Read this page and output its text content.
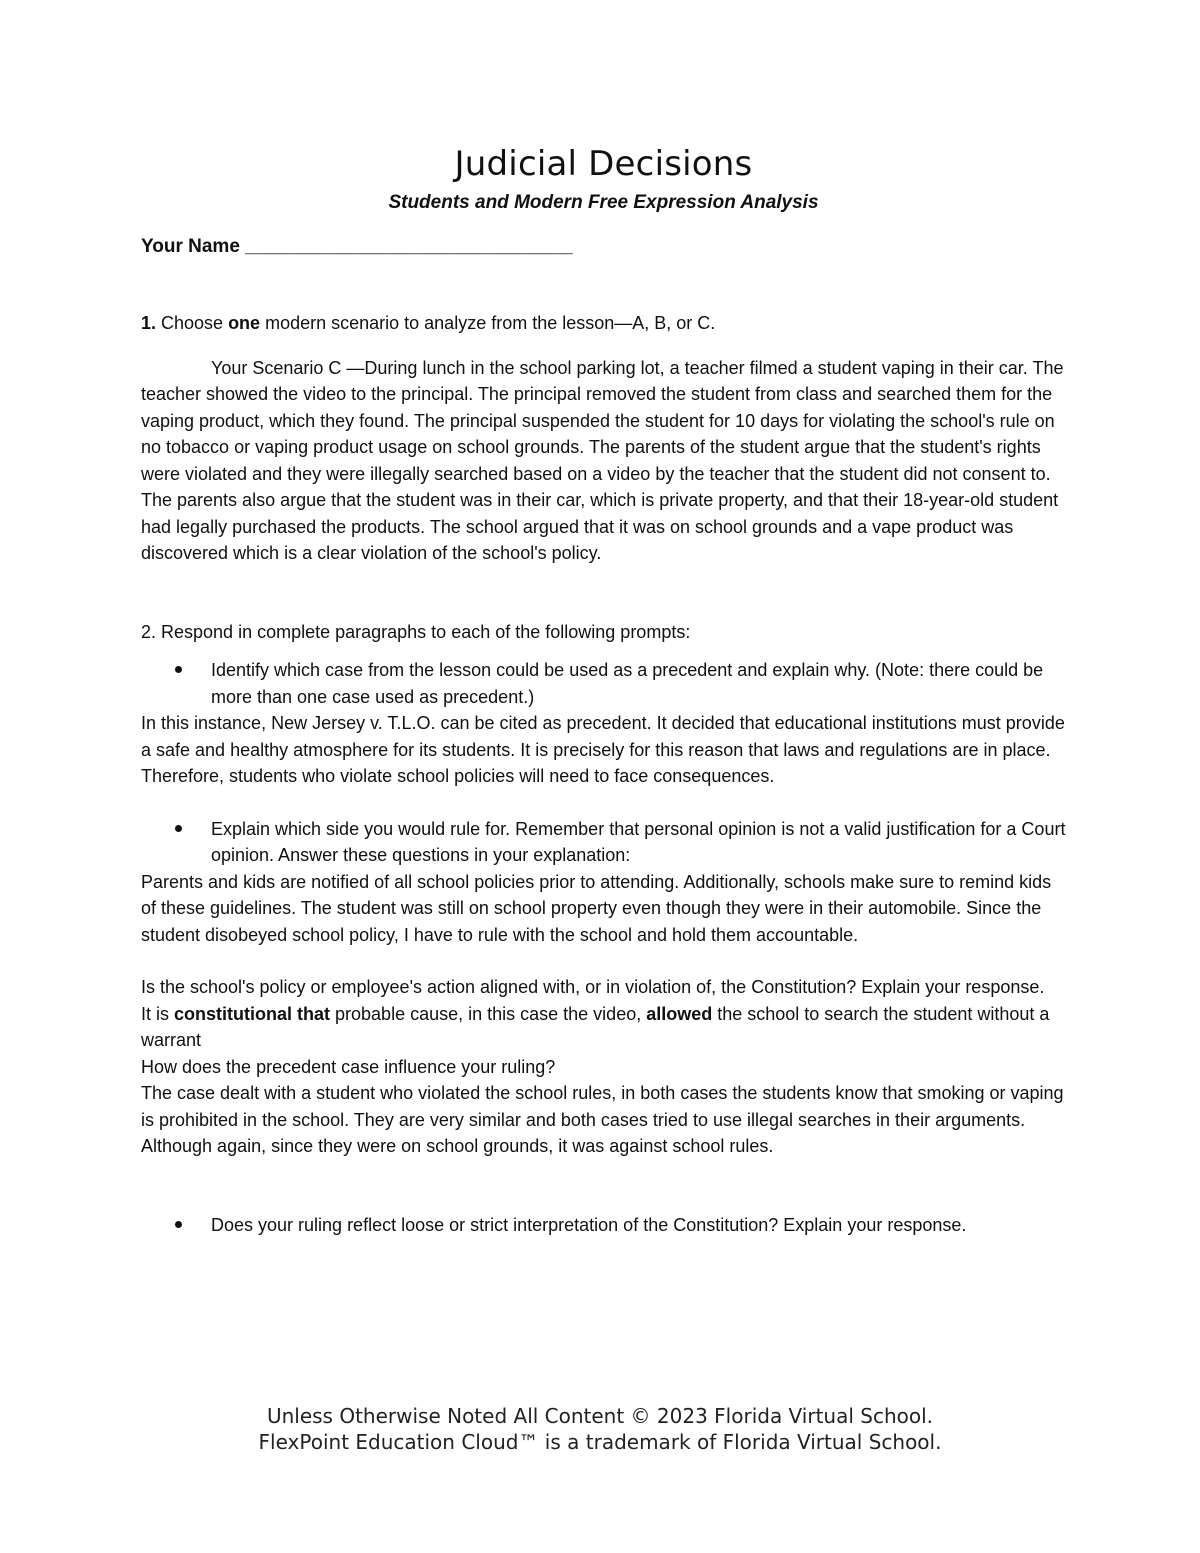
Judicial Decisions

Students and Modern Free Expression Analysis

Your Name _______________________________

1. Choose one modern scenario to analyze from the lesson—A, B, or C.

Your Scenario C —During lunch in the school parking lot, a teacher filmed a student vaping in their car. The teacher showed the video to the principal. The principal removed the student from class and searched them for the vaping product, which they found. The principal suspended the student for 10 days for violating the school's rule on no tobacco or vaping product usage on school grounds. The parents of the student argue that the student's rights were violated and they were illegally searched based on a video by the teacher that the student did not consent to. The parents also argue that the student was in their car, which is private property, and that their 18-year-old student had legally purchased the products. The school argued that it was on school grounds and a vape product was discovered which is a clear violation of the school's policy.

2. Respond in complete paragraphs to each of the following prompts:

Identify which case from the lesson could be used as a precedent and explain why. (Note: there could be more than one case used as precedent.)

In this instance, New Jersey v. T.L.O. can be cited as precedent. It decided that educational institutions must provide a safe and healthy atmosphere for its students. It is precisely for this reason that laws and regulations are in place. Therefore, students who violate school policies will need to face consequences.

Explain which side you would rule for. Remember that personal opinion is not a valid justification for a Court opinion. Answer these questions in your explanation:

Parents and kids are notified of all school policies prior to attending. Additionally, schools make sure to remind kids of these guidelines. The student was still on school property even though they were in their automobile. Since the student disobeyed school policy, I have to rule with the school and hold them accountable.

Is the school's policy or employee's action aligned with, or in violation of, the Constitution? Explain your response.

It is constitutional that probable cause, in this case the video, allowed the school to search the student without a warrant

How does the precedent case influence your ruling?

The case dealt with a student who violated the school rules, in both cases the students know that smoking or vaping is prohibited in the school. They are very similar and both cases tried to use illegal searches in their arguments. Although again, since they were on school grounds, it was against school rules.

Does your ruling reflect loose or strict interpretation of the Constitution? Explain your response.
Unless Otherwise Noted All Content © 2023 Florida Virtual School.
FlexPoint Education Cloud™ is a trademark of Florida Virtual School.
